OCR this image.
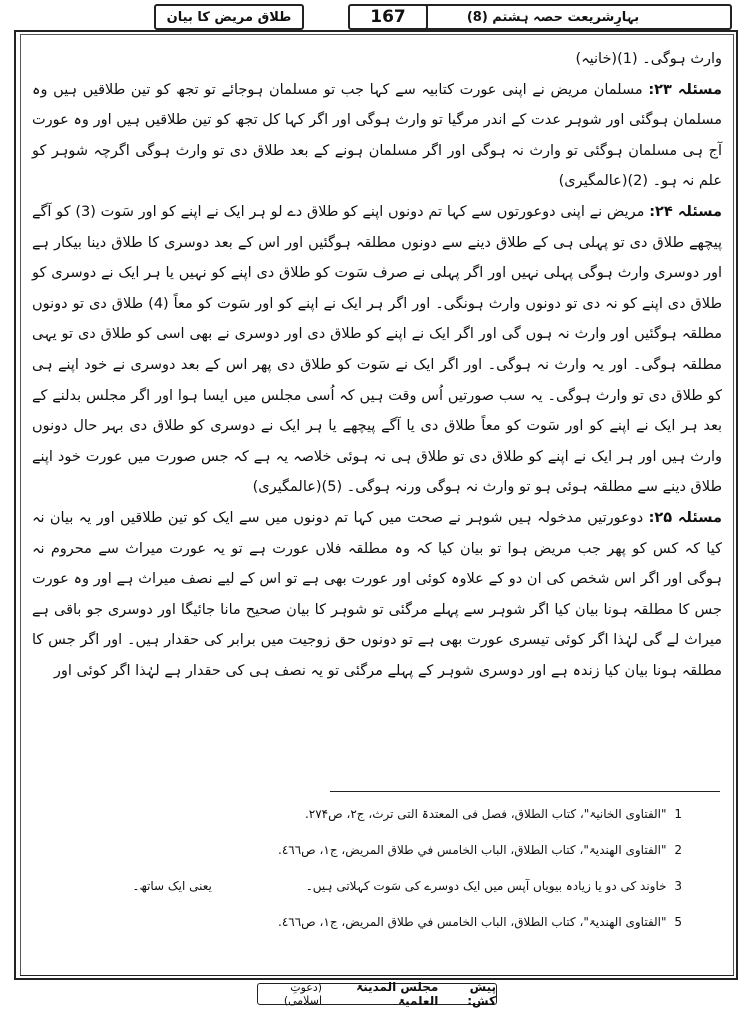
بہارِشریعت حصہ ہشتم (8)
167
طلاق مریض کا بیان

وارث ہوگی۔ (1)(خانیہ)

مسئلہ ۲۳: مسلمان مریض نے اپنی عورت کتابیہ سے کہا جب تو مسلمان ہوجائے تو تجھ کو تین طلاقیں ہیں وہ مسلمان ہوگئی اور شوہر عدت کے اندر مرگیا تو وارث ہوگی اور اگر کہا کل تجھ کو تین طلاقیں ہیں اور وہ عورت آج ہی مسلمان ہوگئی تو وارث نہ ہوگی اور اگر مسلمان ہونے کے بعد طلاق دی تو وارث ہوگی اگرچہ شوہر کو علم نہ ہو۔ (2)(عالمگیری)

مسئلہ ۲۴: مریض نے اپنی دوعورتوں سے کہا تم دونوں اپنے کو طلاق دے لو ہر ایک نے اپنے کو اور سَوت (3) کو آگے پیچھے طلاق دی تو پہلی ہی کے طلاق دینے سے دونوں مطلقہ ہوگئیں اور اس کے بعد دوسری کا طلاق دینا بیکار ہے اور دوسری وارث ہوگی پہلی نہیں اور اگر پہلی نے صرف سَوت کو طلاق دی اپنے کو نہیں یا ہر ایک نے دوسری کو طلاق دی اپنے کو نہ دی تو دونوں وارث ہونگی۔ اور اگر ہر ایک نے اپنے کو اور سَوت کو معاً (4) طلاق دی تو دونوں مطلقہ ہوگئیں اور وارث نہ ہوں گی اور اگر ایک نے اپنے کو طلاق دی اور دوسری نے بھی اسی کو طلاق دی تو یہی مطلقہ ہوگی۔ اور یہ وارث نہ ہوگی۔ اور اگر ایک نے سَوت کو طلاق دی پھر اس کے بعد دوسری نے خود اپنے ہی کو طلاق دی تو وارث ہوگی۔ یہ سب صورتیں اُس وقت ہیں کہ اُسی مجلس میں ایسا ہوا اور اگر مجلس بدلنے کے بعد ہر ایک نے اپنے کو اور سَوت کو معاً طلاق دی یا آگے پیچھے یا ہر ایک نے دوسری کو طلاق دی بہر حال دونوں وارث ہیں اور ہر ایک نے اپنے کو طلاق دی تو طلاق ہی نہ ہوئی خلاصہ یہ ہے کہ جس صورت میں عورت خود اپنے طلاق دینے سے مطلقہ ہوئی ہو تو وارث نہ ہوگی ورنہ ہوگی۔ (5)(عالمگیری)

مسئلہ ۲۵: دوعورتیں مدخولہ ہیں شوہر نے صحت میں کہا تم دونوں میں سے ایک کو تین طلاقیں اور یہ بیان نہ کیا کہ کس کو پھر جب مریض ہوا تو بیان کیا کہ وہ مطلقہ فلاں عورت ہے تو یہ عورت میراث سے محروم نہ ہوگی اور اگر اس شخص کی ان دو کے علاوہ کوئی اور عورت بھی ہے تو اس کے لیے نصف میراث ہے اور وہ عورت جس کا مطلقہ ہونا بیان کیا اگر شوہر سے پہلے مرگئی تو شوہر کا بیان صحیح مانا جائیگا اور دوسری جو باقی ہے میراث لے گی لہٰذا اگر کوئی تیسری عورت بھی ہے تو دونوں حق زوجیت میں برابر کی حقدار ہیں۔ اور اگر جس کا مطلقہ ہونا بیان کیا زندہ ہے اور دوسری شوہر کے پہلے مرگئی تو یہ نصف ہی کی حقدار ہے لہٰذا اگر کوئی اور

1 "الفتاوی الخانیۃ"، کتاب الطلاق، فصل فی المعتدۃ التی ترث، ج۲، ص۲۷۴.
2 "الفتاوی الهندیۃ"، کتاب الطلاق، الباب الخامس في طلاق المریض، ج۱، ص٤٦٦.
3 خاوند کی دو یا زیادہ بیویاں آپس میں ایک دوسرے کی سَوت کہلاتی ہیں۔ یعنی ایک ساتھ۔
5 "الفتاوی الهندیۃ"، کتاب الطلاق، الباب الخامس في طلاق المریض، ج۱، ص٤٦٦.
پیش کش:
مجلس المدینۃ العلمیۃ
(دعوتِ اسلامی)
